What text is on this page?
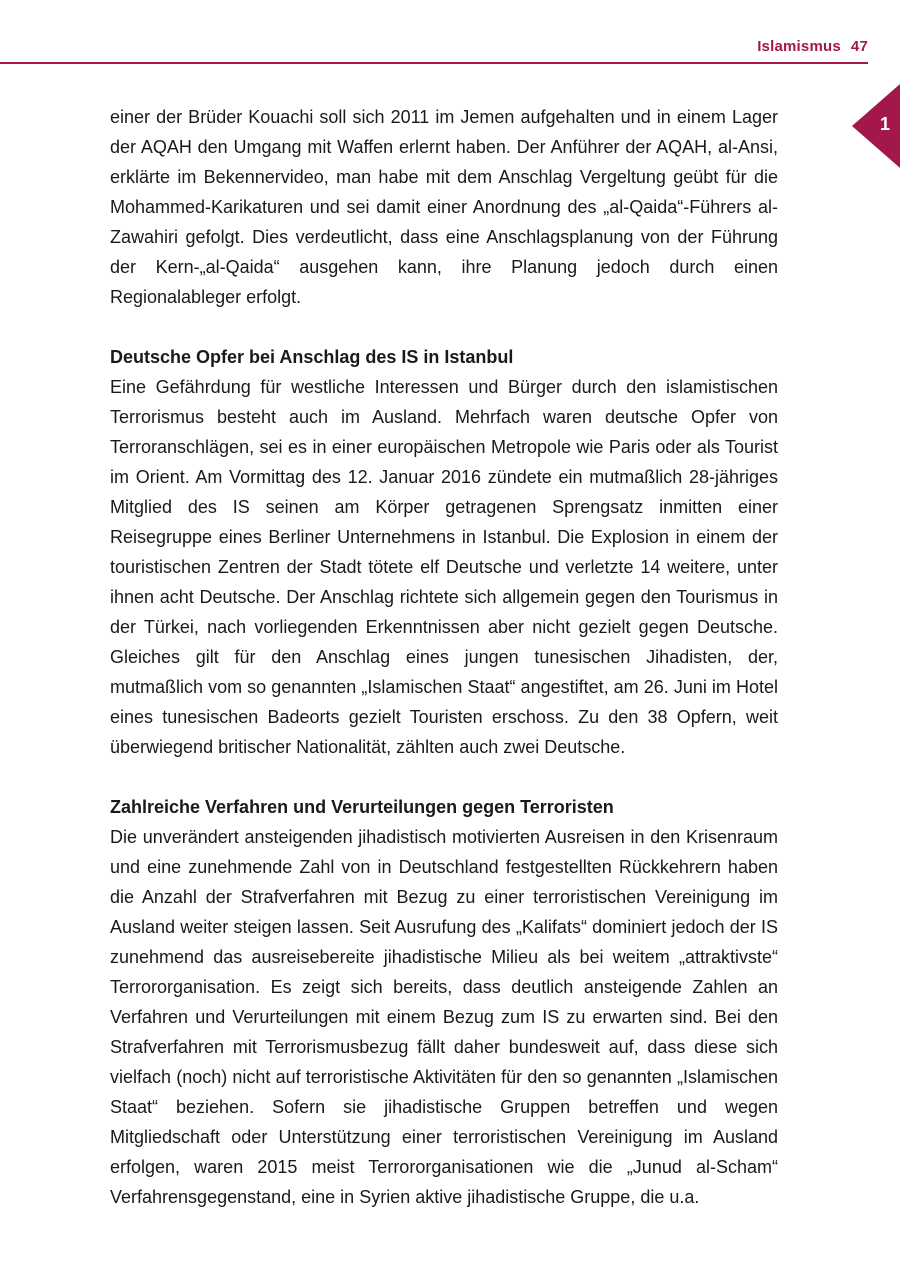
Islamismus 47
1

einer der Brüder Kouachi soll sich 2011 im Jemen aufgehalten und in einem Lager der AQAH den Umgang mit Waffen erlernt haben. Der Anführer der AQAH, al-Ansi, erklärte im Bekennervideo, man habe mit dem Anschlag Vergeltung geübt für die Mohammed-Karikaturen und sei damit einer Anordnung des „al-Qaida“-Führers al-Zawahiri gefolgt. Dies verdeutlicht, dass eine Anschlagsplanung von der Führung der Kern-„al-Qaida“ ausgehen kann, ihre Planung jedoch durch einen Regionalableger erfolgt.

Deutsche Opfer bei Anschlag des IS in Istanbul

Eine Gefährdung für westliche Interessen und Bürger durch den islamistischen Terrorismus besteht auch im Ausland. Mehrfach waren deutsche Opfer von Terroranschlägen, sei es in einer europäischen Metropole wie Paris oder als Tourist im Orient. Am Vormittag des 12. Januar 2016 zündete ein mutmaßlich 28-jähriges Mitglied des IS seinen am Körper getragenen Sprengsatz inmitten einer Reisegruppe eines Berliner Unternehmens in Istanbul. Die Explosion in einem der touristischen Zentren der Stadt tötete elf Deutsche und verletzte 14 weitere, unter ihnen acht Deutsche. Der Anschlag richtete sich allgemein gegen den Tourismus in der Türkei, nach vorliegenden Erkenntnissen aber nicht gezielt gegen Deutsche. Gleiches gilt für den Anschlag eines jungen tunesischen Jihadisten, der, mutmaßlich vom so genannten „Islamischen Staat“ angestiftet, am 26. Juni im Hotel eines tunesischen Badeorts gezielt Touristen erschoss. Zu den 38 Opfern, weit überwiegend britischer Nationalität, zählten auch zwei Deutsche.

Zahlreiche Verfahren und Verurteilungen gegen Terroristen

Die unverändert ansteigenden jihadistisch motivierten Ausreisen in den Krisenraum und eine zunehmende Zahl von in Deutschland festgestellten Rückkehrern haben die Anzahl der Strafverfahren mit Bezug zu einer terroristischen Vereinigung im Ausland weiter steigen lassen. Seit Ausrufung des „Kalifats“ dominiert jedoch der IS zunehmend das ausreisebereite jihadistische Milieu als bei weitem „attraktivste“ Terrororganisation. Es zeigt sich bereits, dass deutlich ansteigende Zahlen an Verfahren und Verurteilungen mit einem Bezug zum IS zu erwarten sind. Bei den Strafverfahren mit Terrorismusbezug fällt daher bundesweit auf, dass diese sich vielfach (noch) nicht auf terroristische Aktivitäten für den so genannten „Islamischen Staat“ beziehen. Sofern sie jihadistische Gruppen betreffen und wegen Mitgliedschaft oder Unterstützung einer terroristischen Vereinigung im Ausland erfolgen, waren 2015 meist Terrororganisationen wie die „Junud al-Scham“ Verfahrensgegenstand, eine in Syrien aktive jihadistische Gruppe, die u.a.
